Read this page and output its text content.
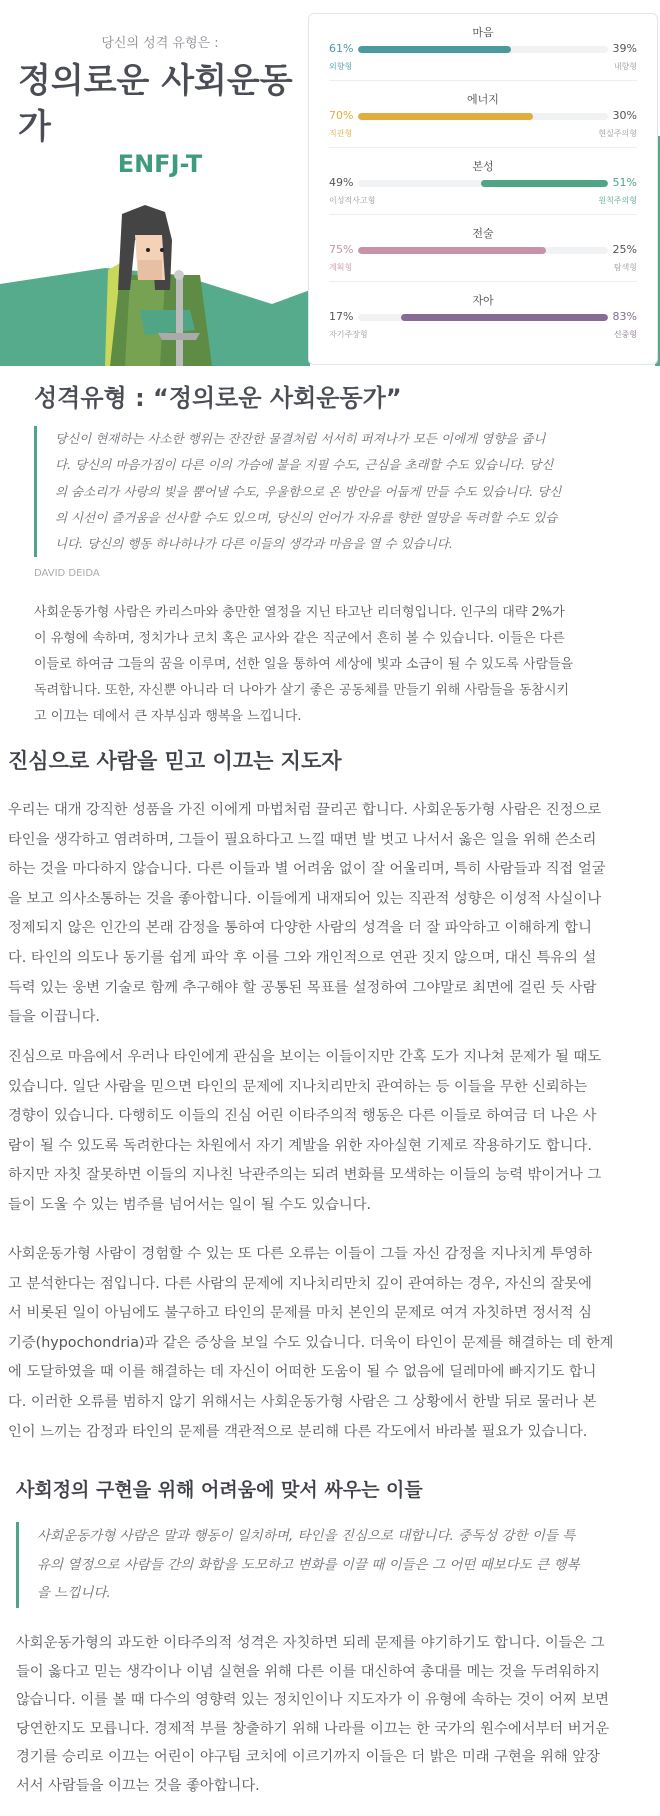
당신의 성격 유형은 :
정의로운 사회운동가
ENFJ-T
마음
61%	39%
외향형	내향형
에너지
70%	30%
직관형	현실주의형
본성
49%	51%
이성적사고형	원칙주의형
전술
75%	25%
계획형	탐색형
자아
17%	83%
자기주장형	신중형
성격유형 : “정의로운 사회운동가”
당신이 현재하는 사소한 행위는 잔잔한 물결처럼 서서히 퍼져나가 모든 이에게 영향을 줍니
다. 당신의 마음가짐이 다른 이의 가슴에 불을 지필 수도, 근심을 초래할 수도 있습니다. 당신
의 숨소리가 사랑의 빛을 뿜어낼 수도, 우울함으로 온 방안을 어둡게 만들 수도 있습니다. 당신
의 시선이 즐거움을 선사할 수도 있으며, 당신의 언어가 자유를 향한 열망을 독려할 수도 있습
니다. 당신의 행동 하나하나가 다른 이들의 생각과 마음을 열 수 있습니다.
DAVID DEIDA
사회운동가형 사람은 카리스마와 충만한 열정을 지닌 타고난 리더형입니다. 인구의 대략 2%가
이 유형에 속하며, 정치가나 코치 혹은 교사와 같은 직군에서 흔히 볼 수 있습니다. 이들은 다른
이들로 하여금 그들의 꿈을 이루며, 선한 일을 통하여 세상에 빛과 소금이 될 수 있도록 사람들을
독려합니다. 또한, 자신뿐 아니라 더 나아가 살기 좋은 공동체를 만들기 위해 사람들을 동참시키
고 이끄는 데에서 큰 자부심과 행복을 느낍니다.
진심으로 사람을 믿고 이끄는 지도자
우리는 대개 강직한 성품을 가진 이에게 마법처럼 끌리곤 합니다. 사회운동가형 사람은 진정으로
타인을 생각하고 염려하며, 그들이 필요하다고 느낄 때면 발 벗고 나서서 옳은 일을 위해 쓴소리
하는 것을 마다하지 않습니다. 다른 이들과 별 어려움 없이 잘 어울리며, 특히 사람들과 직접 얼굴
을 보고 의사소통하는 것을 좋아합니다. 이들에게 내재되어 있는 직관적 성향은 이성적 사실이나
정제되지 않은 인간의 본래 감정을 통하여 다양한 사람의 성격을 더 잘 파악하고 이해하게 합니
다. 타인의 의도나 동기를 쉽게 파악 후 이를 그와 개인적으로 연관 짓지 않으며, 대신 특유의 설
득력 있는 웅변 기술로 함께 추구해야 할 공통된 목표를 설정하여 그야말로 최면에 걸린 듯 사람
들을 이끕니다.
진심으로 마음에서 우러나 타인에게 관심을 보이는 이들이지만 간혹 도가 지나쳐 문제가 될 때도
있습니다. 일단 사람을 믿으면 타인의 문제에 지나치리만치 관여하는 등 이들을 무한 신뢰하는
경향이 있습니다. 다행히도 이들의 진심 어린 이타주의적 행동은 다른 이들로 하여금 더 나은 사
람이 될 수 있도록 독려한다는 차원에서 자기 계발을 위한 자아실현 기제로 작용하기도 합니다.
하지만 자칫 잘못하면 이들의 지나친 낙관주의는 되려 변화를 모색하는 이들의 능력 밖이거나 그
들이 도울 수 있는 범주를 넘어서는 일이 될 수도 있습니다.
사회운동가형 사람이 경험할 수 있는 또 다른 오류는 이들이 그들 자신 감정을 지나치게 투영하
고 분석한다는 점입니다. 다른 사람의 문제에 지나치리만치 깊이 관여하는 경우, 자신의 잘못에
서 비롯된 일이 아님에도 불구하고 타인의 문제를 마치 본인의 문제로 여겨 자칫하면 정서적 심
기증(hypochondria)과 같은 증상을 보일 수도 있습니다. 더욱이 타인이 문제를 해결하는 데 한계
에 도달하였을 때 이를 해결하는 데 자신이 어떠한 도움이 될 수 없음에 딜레마에 빠지기도 합니
다. 이러한 오류를 범하지 않기 위해서는 사회운동가형 사람은 그 상황에서 한발 뒤로 물러나 본
인이 느끼는 감정과 타인의 문제를 객관적으로 분리해 다른 각도에서 바라볼 필요가 있습니다.
사회정의 구현을 위해 어려움에 맞서 싸우는 이들
사회운동가형 사람은 말과 행동이 일치하며, 타인을 진심으로 대합니다. 중독성 강한 이들 특
유의 열정으로 사람들 간의 화합을 도모하고 변화를 이끌 때 이들은 그 어떤 때보다도 큰 행복
을 느낍니다.
사회운동가형의 과도한 이타주의적 성격은 자칫하면 되레 문제를 야기하기도 합니다. 이들은 그
들이 옳다고 믿는 생각이나 이념 실현을 위해 다른 이를 대신하여 총대를 메는 것을 두려워하지
않습니다. 이를 볼 때 다수의 영향력 있는 정치인이나 지도자가 이 유형에 속하는 것이 어찌 보면
당연한지도 모릅니다. 경제적 부를 창출하기 위해 나라를 이끄는 한 국가의 원수에서부터 버거운
경기를 승리로 이끄는 어린이 야구팀 코치에 이르기까지 이들은 더 밝은 미래 구현을 위해 앞장
서서 사람들을 이끄는 것을 좋아합니다.
